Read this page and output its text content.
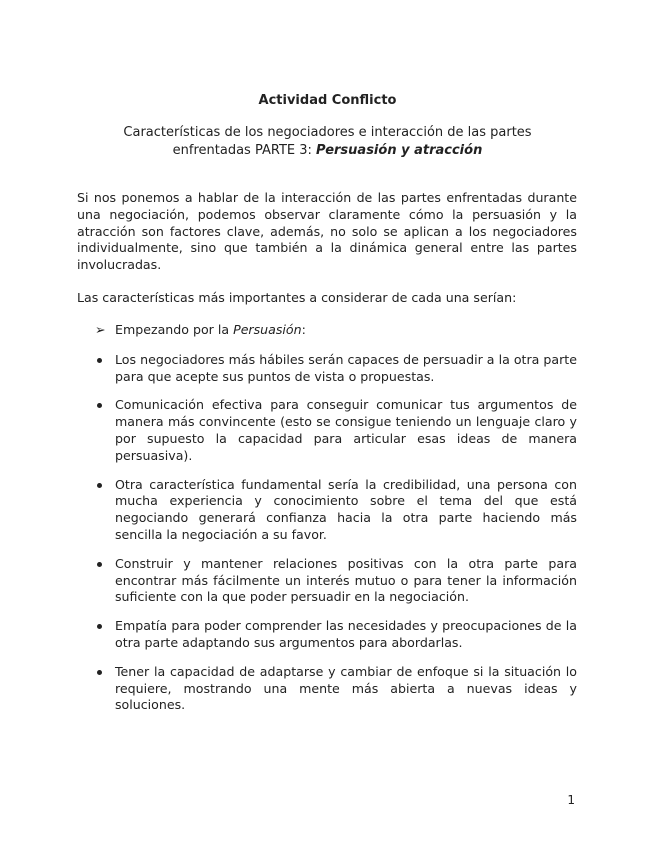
Actividad Conflicto

Características de los negociadores e interacción de las partes enfrentadas PARTE 3: Persuasión y atracción

Si nos ponemos a hablar de la interacción de las partes enfrentadas durante una negociación, podemos observar claramente cómo la persuasión y la atracción son factores clave, además, no solo se aplican a los negociadores individualmente, sino que también a la dinámica general entre las partes involucradas.

Las características más importantes a considerar de cada una serían:

➢ Empezando por la Persuasión:
Los negociadores más hábiles serán capaces de persuadir a la otra parte para que acepte sus puntos de vista o propuestas.
Comunicación efectiva para conseguir comunicar tus argumentos de manera más convincente (esto se consigue teniendo un lenguaje claro y por supuesto la capacidad para articular esas ideas de manera persuasiva).
Otra característica fundamental sería la credibilidad, una persona con mucha experiencia y conocimiento sobre el tema del que está negociando generará confianza hacia la otra parte haciendo más sencilla la negociación a su favor.
Construir y mantener relaciones positivas con la otra parte para encontrar más fácilmente un interés mutuo o para tener la información suficiente con la que poder persuadir en la negociación.
Empatía para poder comprender las necesidades y preocupaciones de la otra parte adaptando sus argumentos para abordarlas.
Tener la capacidad de adaptarse y cambiar de enfoque si la situación lo requiere, mostrando una mente más abierta a nuevas ideas y soluciones.

1
